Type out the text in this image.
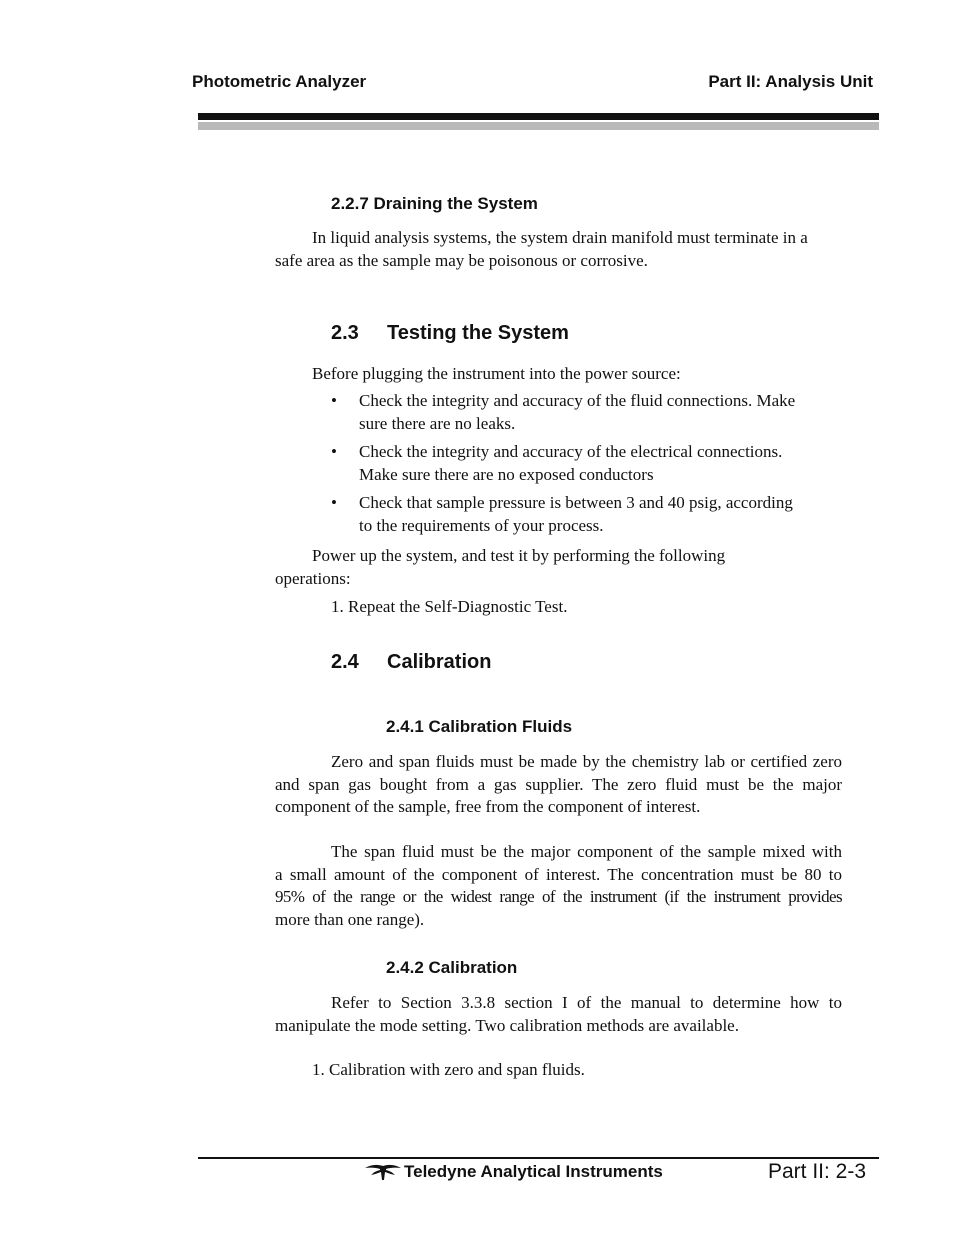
Photometric Analyzer	Part II: Analysis Unit
2.2.7 Draining the System
In liquid analysis systems, the system drain manifold must terminate in a
safe area as the sample may be poisonous or corrosive.
2.3 Testing the System
Before plugging the instrument into the power source:
• Check the integrity and accuracy of the fluid connections. Make
sure there are no leaks.
• Check the integrity and accuracy of the electrical connections.
Make sure there are no exposed conductors
• Check that sample pressure is between 3 and 40 psig, according
to the requirements of your process.
Power up the system, and test it by performing the following
operations:
1. Repeat the Self-Diagnostic Test.
2.4 Calibration
2.4.1 Calibration Fluids
Zero and span fluids must be made by the chemistry lab or certified zero
and span gas bought from a gas supplier. The zero fluid must be the major
component of the sample, free from the component of interest.
The span fluid must be the major component of the sample mixed with
a small amount of the component of interest. The concentration must be 80 to
95% of the range or the widest range of the instrument (if the instrument provides
more than one range).
2.4.2 Calibration
Refer to Section 3.3.8 section I of the manual to determine how to
manipulate the mode setting. Two calibration methods are available.
1. Calibration with zero and span fluids.
Teledyne Analytical Instruments	Part II: 2-3
